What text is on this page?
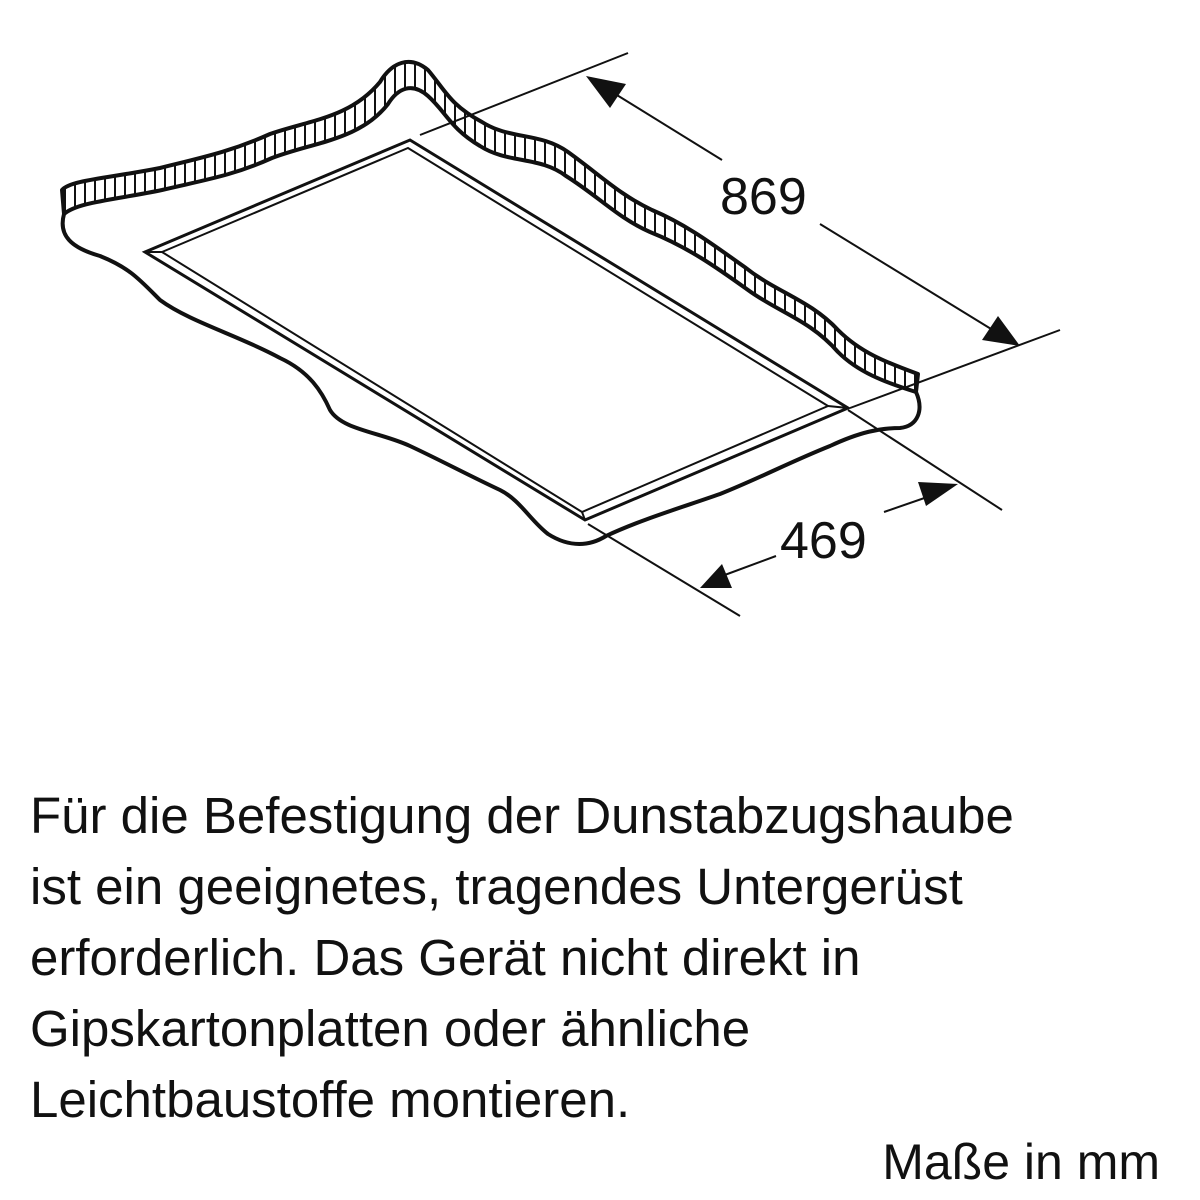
869
469

Für die Befestigung der Dunstabzugshaube
ist ein geeignetes, tragendes Untergerüst
erforderlich. Das Gerät nicht direkt in
Gipskartonplatten oder ähnliche
Leichtbaustoffe montieren.

Maße in mm
